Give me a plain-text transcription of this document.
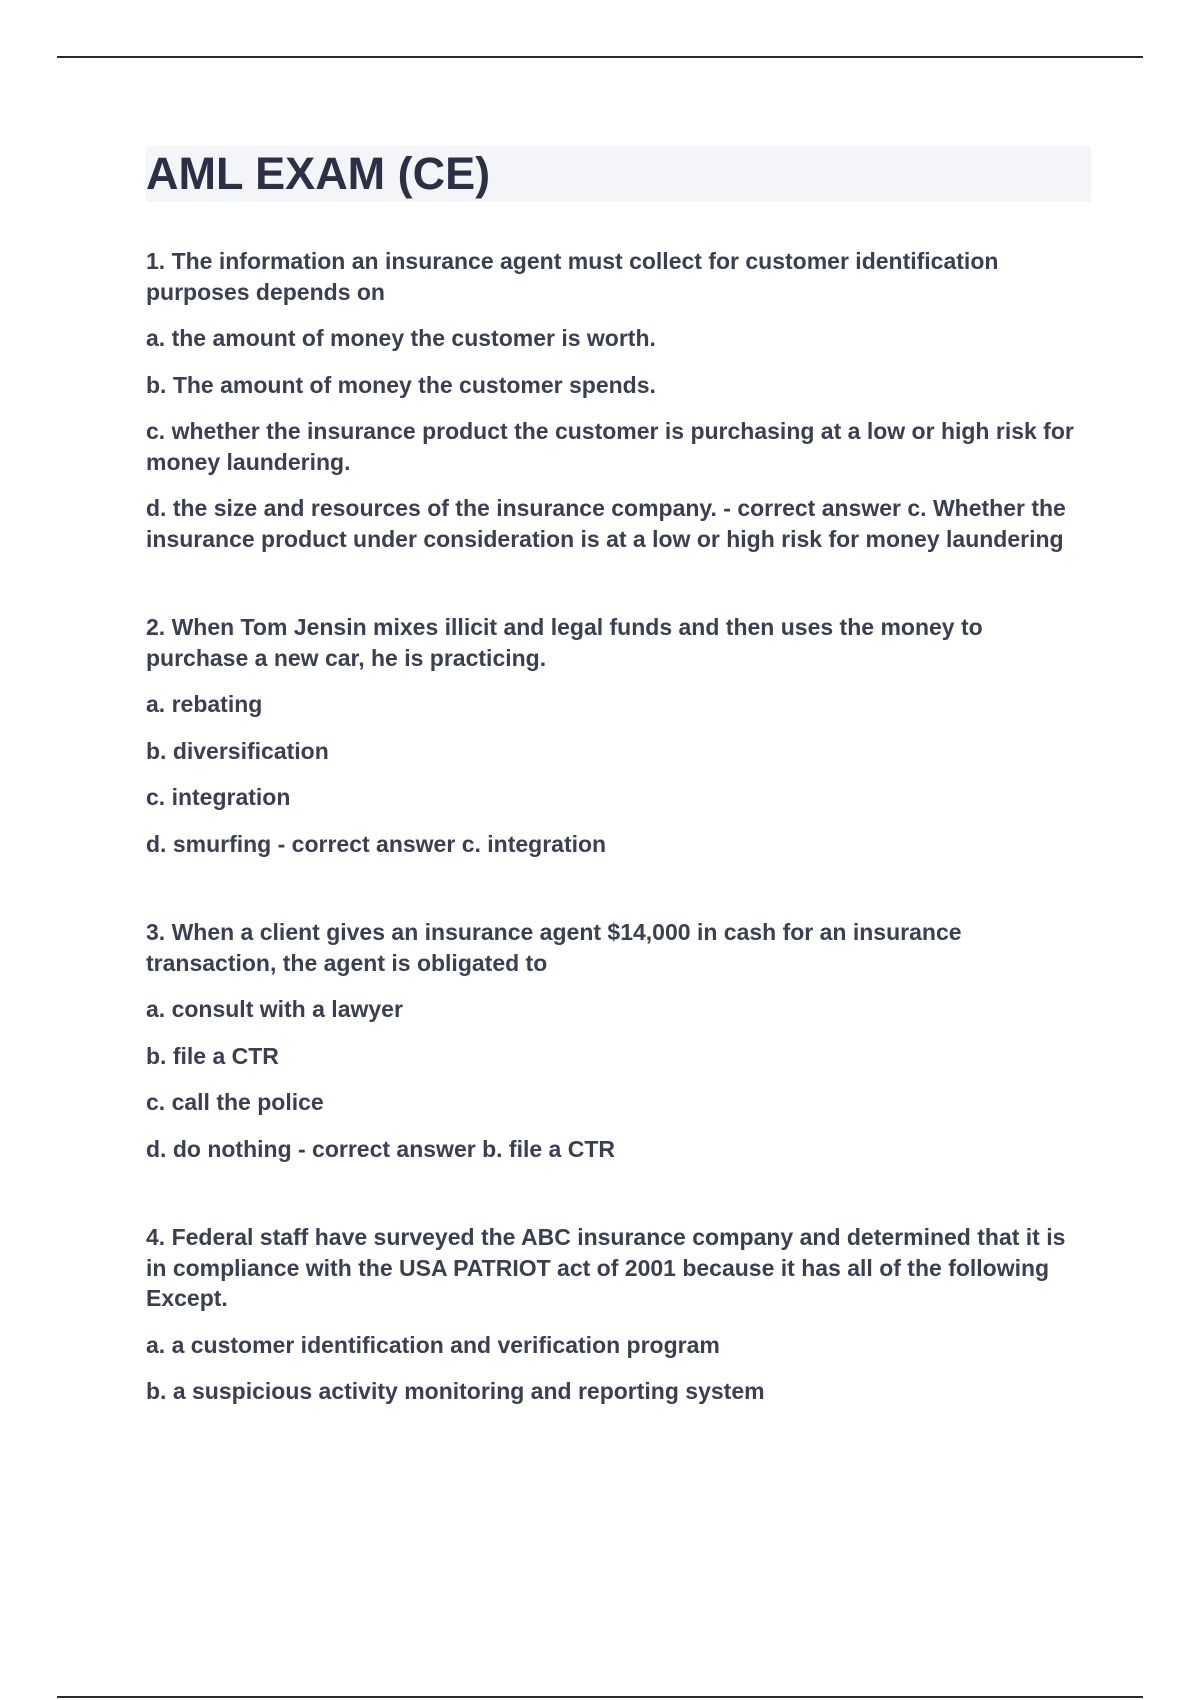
AML EXAM (CE)

1. The information an insurance agent must collect for customer identification purposes depends on

a. the amount of money the customer is worth.

b. The amount of money the customer spends.

c. whether the insurance product the customer is purchasing at a low or high risk for money laundering.

d. the size and resources of the insurance company. - correct answer c. Whether the insurance product under consideration is at a low or high risk for money laundering

2. When Tom Jensin mixes illicit and legal funds and then uses the money to purchase a new car, he is practicing.

a. rebating

b. diversification

c. integration

d. smurfing - correct answer c. integration

3. When a client gives an insurance agent $14,000 in cash for an insurance transaction, the agent is obligated to

a. consult with a lawyer

b. file a CTR

c. call the police

d. do nothing - correct answer b. file a CTR

4. Federal staff have surveyed the ABC insurance company and determined that it is in compliance with the USA PATRIOT act of 2001 because it has all of the following Except.

a. a customer identification and verification program

b. a suspicious activity monitoring and reporting system
